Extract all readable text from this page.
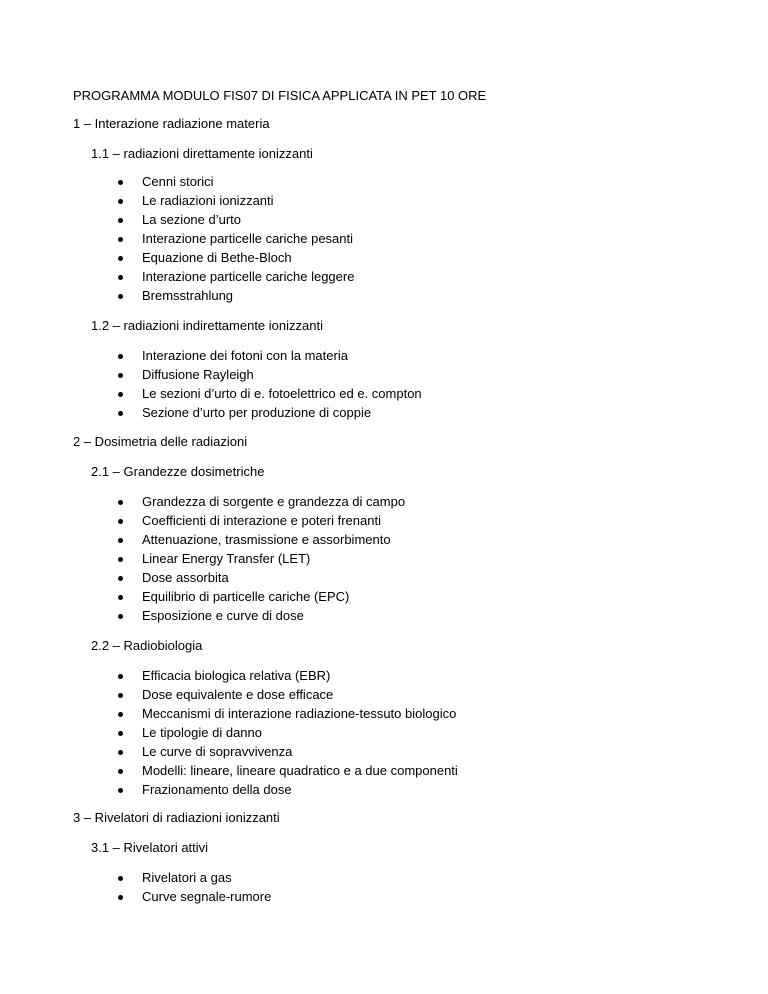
PROGRAMMA MODULO FIS07 DI FISICA APPLICATA IN PET 10 ORE
1 – Interazione radiazione materia
1.1 – radiazioni direttamente ionizzanti
Cenni storici
Le radiazioni ionizzanti
La sezione d’urto
Interazione particelle cariche pesanti
Equazione di Bethe-Bloch
Interazione particelle cariche leggere
Bremsstrahlung
1.2 – radiazioni indirettamente ionizzanti
Interazione dei fotoni con la materia
Diffusione Rayleigh
Le sezioni d’urto di e. fotoelettrico ed e. compton
Sezione d’urto per produzione di coppie
2 – Dosimetria delle radiazioni
2.1 – Grandezze dosimetriche
Grandezza di sorgente e grandezza di campo
Coefficienti di interazione e poteri frenanti
Attenuazione, trasmissione e assorbimento
Linear Energy Transfer (LET)
Dose assorbita
Equilibrio di particelle cariche (EPC)
Esposizione e curve di dose
2.2 – Radiobiologia
Efficacia biologica relativa (EBR)
Dose equivalente e dose efficace
Meccanismi di interazione radiazione-tessuto biologico
Le tipologie di danno
Le curve di sopravvivenza
Modelli: lineare, lineare quadratico e a due componenti
Frazionamento della dose
3 – Rivelatori di radiazioni ionizzanti
3.1 – Rivelatori attivi
Rivelatori a gas
Curve segnale-rumore
